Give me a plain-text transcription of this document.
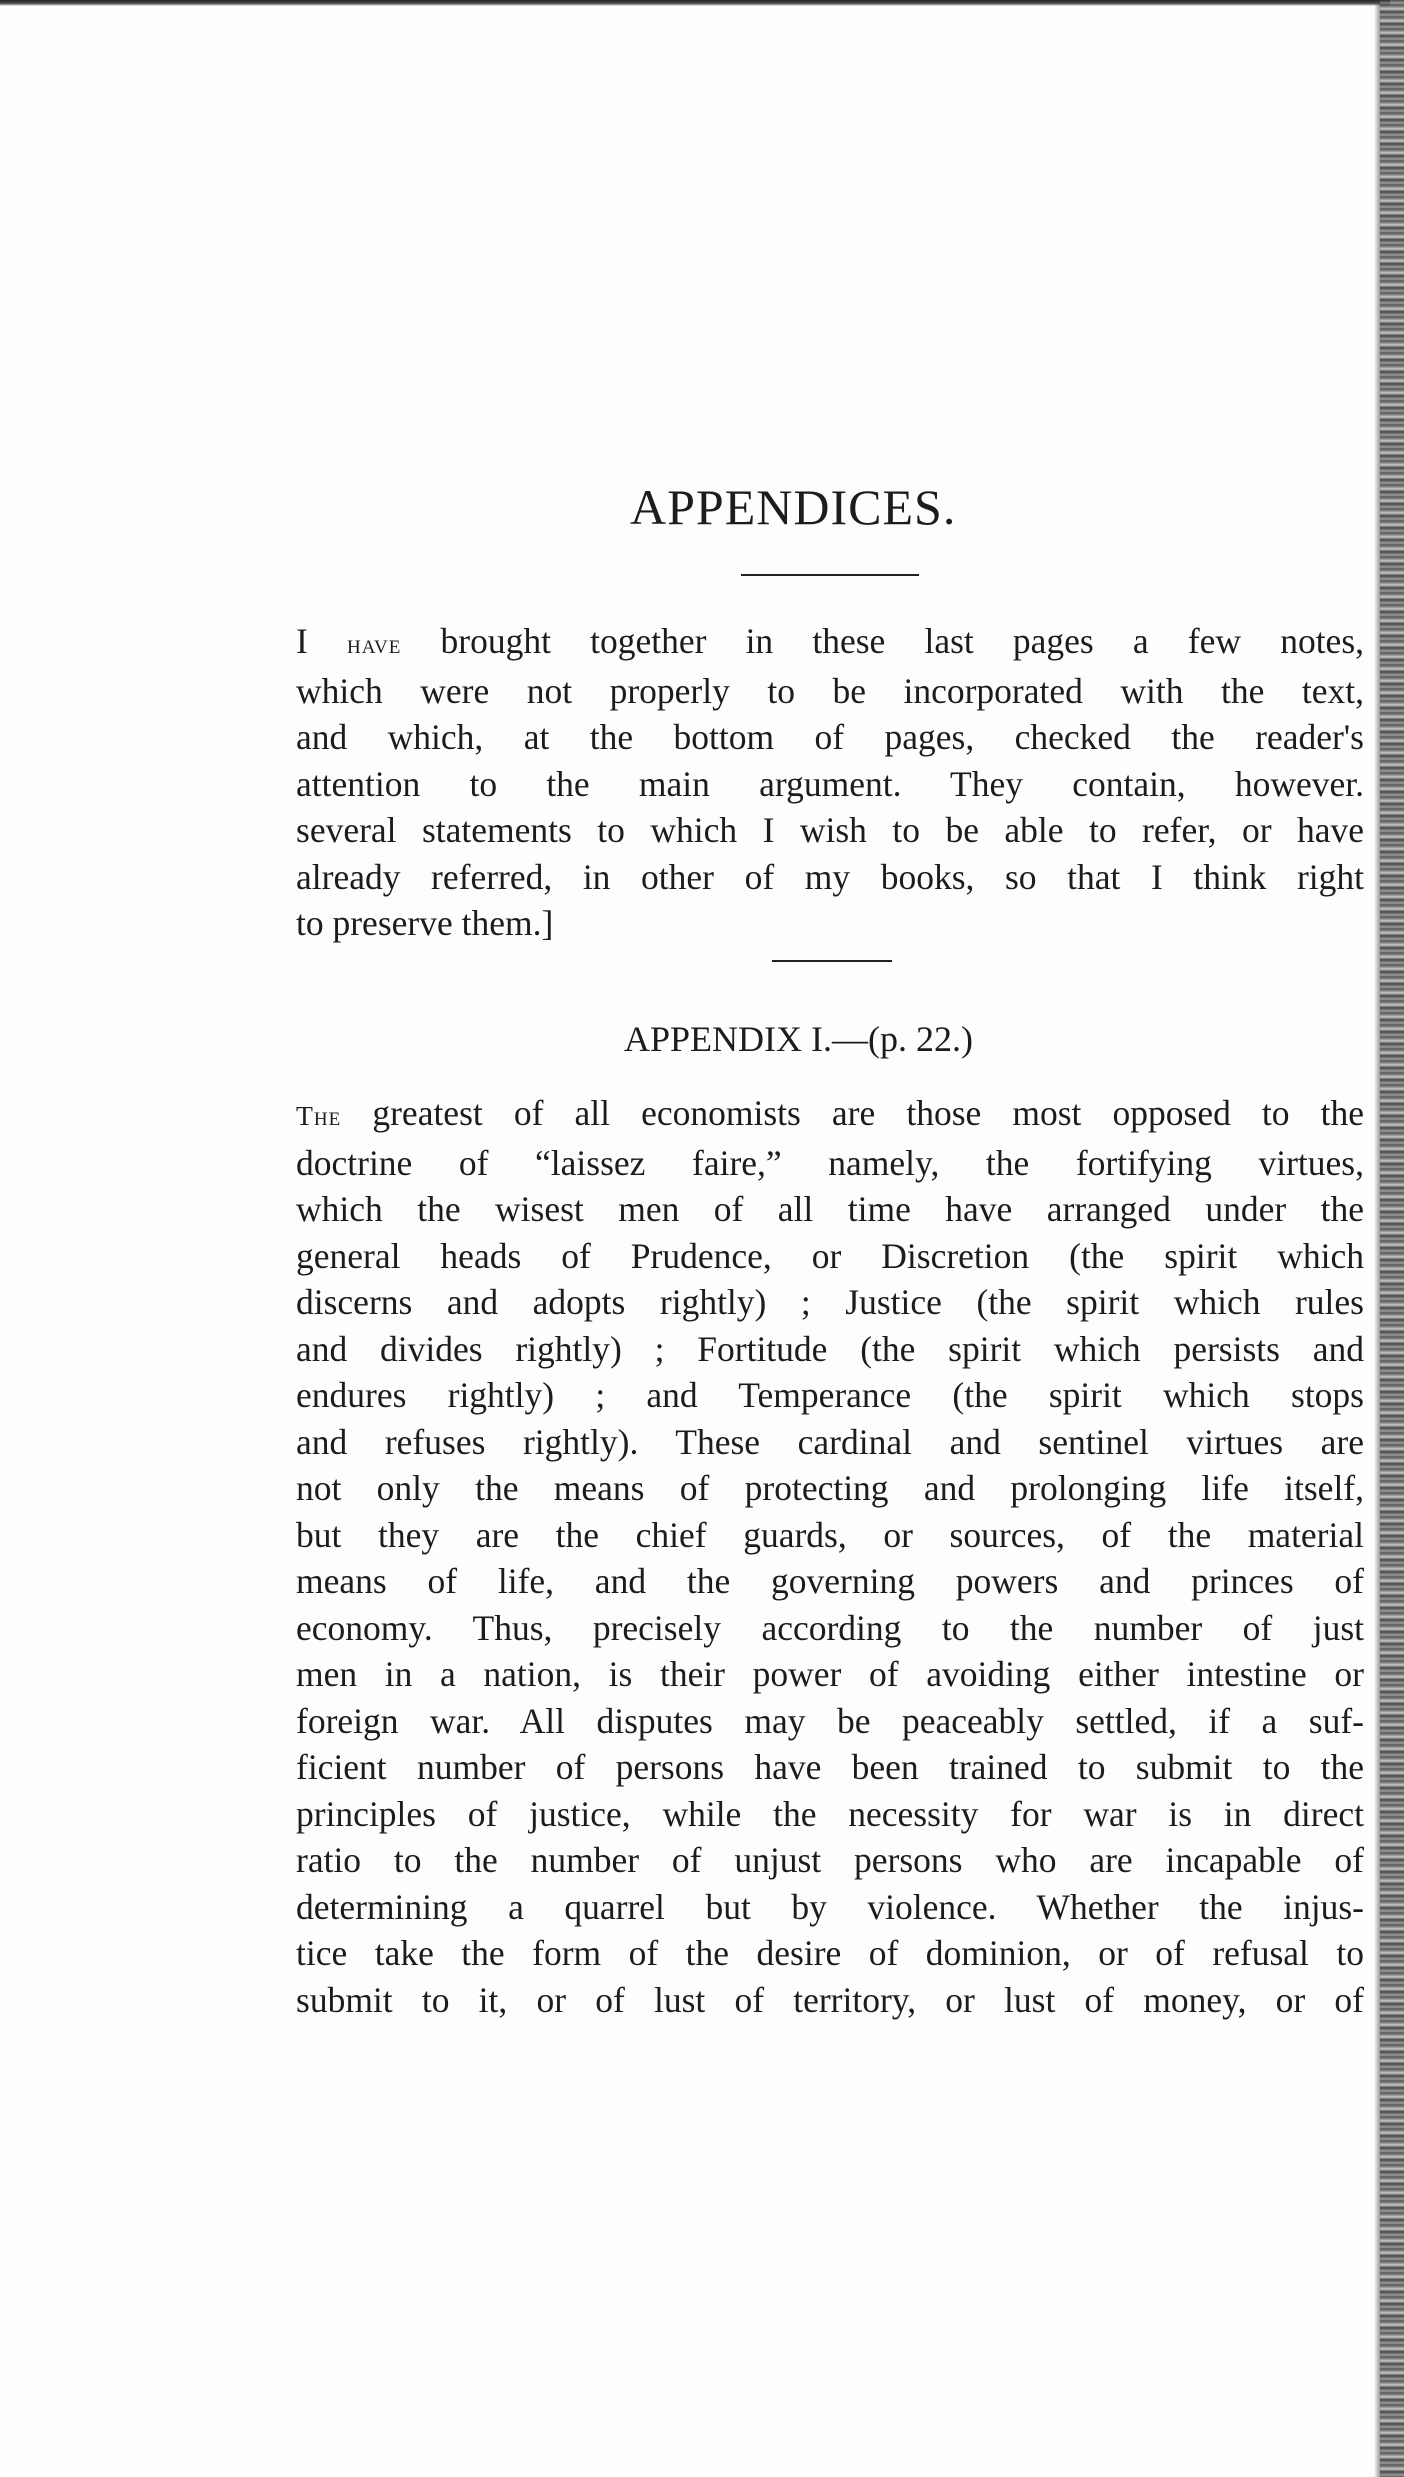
APPENDICES.
I have brought together in these last pages a few notes,
which were not properly to be incorporated with the text,
and which, at the bottom of pages, checked the reader's
attention to the main argument. They contain, however.
several statements to which I wish to be able to refer, or have
already referred, in other of my books, so that I think right
to preserve them.]
APPENDIX I.—(p. 22.)
The greatest of all economists are those most opposed to the
doctrine of “laissez faire,” namely, the fortifying virtues,
which the wisest men of all time have arranged under the
general heads of Prudence, or Discretion (the spirit which
discerns and adopts rightly) ; Justice (the spirit which rules
and divides rightly) ; Fortitude (the spirit which persists and
endures rightly) ; and Temperance (the spirit which stops
and refuses rightly). These cardinal and sentinel virtues are
not only the means of protecting and prolonging life itself,
but they are the chief guards, or sources, of the material
means of life, and the governing powers and princes of
economy. Thus, precisely according to the number of just
men in a nation, is their power of avoiding either intestine or
foreign war. All disputes may be peaceably settled, if a suf-
ficient number of persons have been trained to submit to the
principles of justice, while the necessity for war is in direct
ratio to the number of unjust persons who are incapable of
determining a quarrel but by violence. Whether the injus-
tice take the form of the desire of dominion, or of refusal to
submit to it, or of lust of territory, or lust of money, or of
